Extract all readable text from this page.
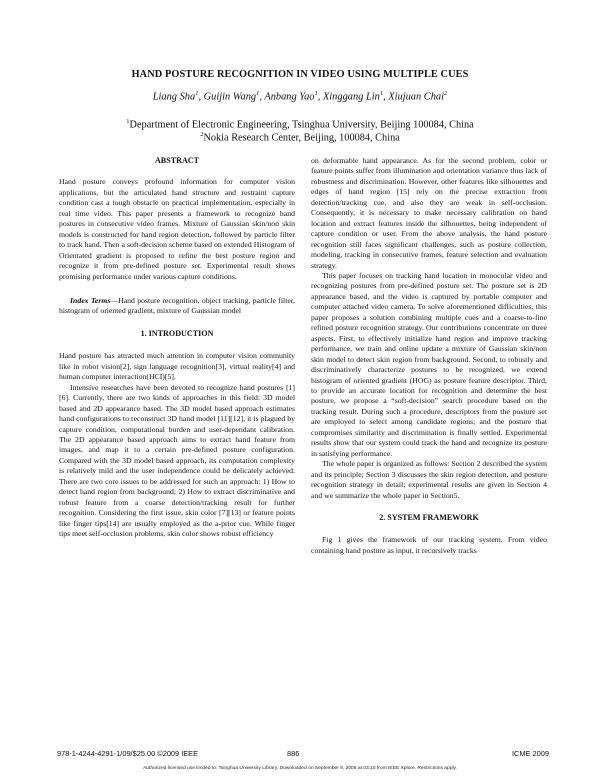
HAND POSTURE RECOGNITION IN VIDEO USING MULTIPLE CUES
Liang Sha$^1$, Guijin Wang$^1$, Anbang Yao$^1$, Xinggang Lin$^1$, Xiujuan Chai$^2$
$^1$Department of Electronic Engineering, Tsinghua University, Beijing 100084, China
$^2$Nokia Research Center, Beijing, 100084, China
ABSTRACT

Hand posture conveys profound information for computer vision applications, but the articulated hand structure and restraint capture condition cast a tough obstacle on practical implementation, especially in real time video. This paper presents a framework to recognize hand postures in consecutive video frames. Mixture of Gaussian skin/non skin models is constructed for hand region detection, followed by particle filter to track hand. Then a soft-decision scheme based on extended Histogram of Orientated gradient is proposed to refine the best posture region and recognize it from pre-defined posture set. Experimental result shows promising performance under various capture conditions.

Index Terms—Hand posture recognition, object tracking, particle filter, histogram of oriented gradient, mixture of Gaussian model

1. INTRODUCTION

Hand posture has attracted much attention in computer vision community like in robot vision[2], sign language recognition[3], virtual reality[4] and human computer interaction(HCI)[5].

Intensive researches have been devoted to recognize hand postures [1][6]. Currently, there are two kinds of approaches in this field: 3D model based and 2D appearance based. The 3D model based approach estimates hand configurations to reconstruct 3D hand model [11][12], it is plagued by capture condition, computational burden and user-dependant calibration. The 2D appearance based approach aims to extract hand feature from images, and map it to a certain pre-defined posture configuration. Compared with the 3D model based approach, its computation complexity is relatively mild and the user independence could be delicately achieved. There are two core issues to be addressed for such an approach: 1) How to detect hand region from background; 2) How to extract discriminative and robust feature from a coarse detection/tracking result for further recognition. Considering the first issue, skin color [7][13] or feature points like finger tips[14] are usually employed as the a-prior cue. While finger tips meet self-occlusion problems, skin color shows robust efficiency

on deformable hand appearance. As for the second problem, color or feature points suffer from illumination and orientation variance thus lack of robustness and discrimination. However, other features like silhouettes and edges of hand region [15] rely on the precise extraction from detection/tracking cue, and also they are weak in self-occlusion. Consequently, it is necessary to make necessary calibration on hand location and extract features inside the silhouettes, being independent of capture condition or user. From the above analysis, the hand posture recognition still faces significant challenges, such as posture collection, modeling, tracking in consecutive frames, feature selection and evaluation strategy.

This paper focuses on tracking hand location in monocular video and recognizing postures from pre-defined posture set. The posture set is 2D appearance based, and the video is captured by portable computer and computer attached video camera. To solve aforementioned difficulties, this paper proposes a solution combining multiple cues and a coarse-to-fine refined posture recognition strategy. Our contributions concentrate on three aspects. First, to effectively initialize hand region and improve tracking performance, we train and online update a mixture of Gaussian skin/non skin model to detect skin region from background. Second, to robustly and discriminatively characterize postures to be recognized, we extend histogram of oriented gradient (HOG) as posture feature descriptor. Third, to provide an accurate location for recognition and determine the best posture, we propose a “soft-decision” search procedure based on the tracking result. During such a procedure, descriptors from the posture set are employed to select among candidate regions; and the posture that compromises similarity and discrimination is finally settled. Experimental results show that our system could track the hand and recognize its posture in satisfying performance.

The whole paper is organized as follows: Section 2 described the system and its principle; Section 3 discusses the skin region detection, and posture recognition strategy in detail; experimental results are given in Section 4 and we summarize the whole paper in Section5.

2. SYSTEM FRAMEWORK

Fig 1 gives the framework of our tracking system. From video containing hand posture as input, it recursively tracks

978-1-4244-4291-1/09/$25.00 ©2009 IEEE	886	ICME 2009
Authorized licensed use limited to: Tsinghua University Library. Downloaded on September 9, 2009 at 03:10 from IEEE Xplore. Restrictions apply.
